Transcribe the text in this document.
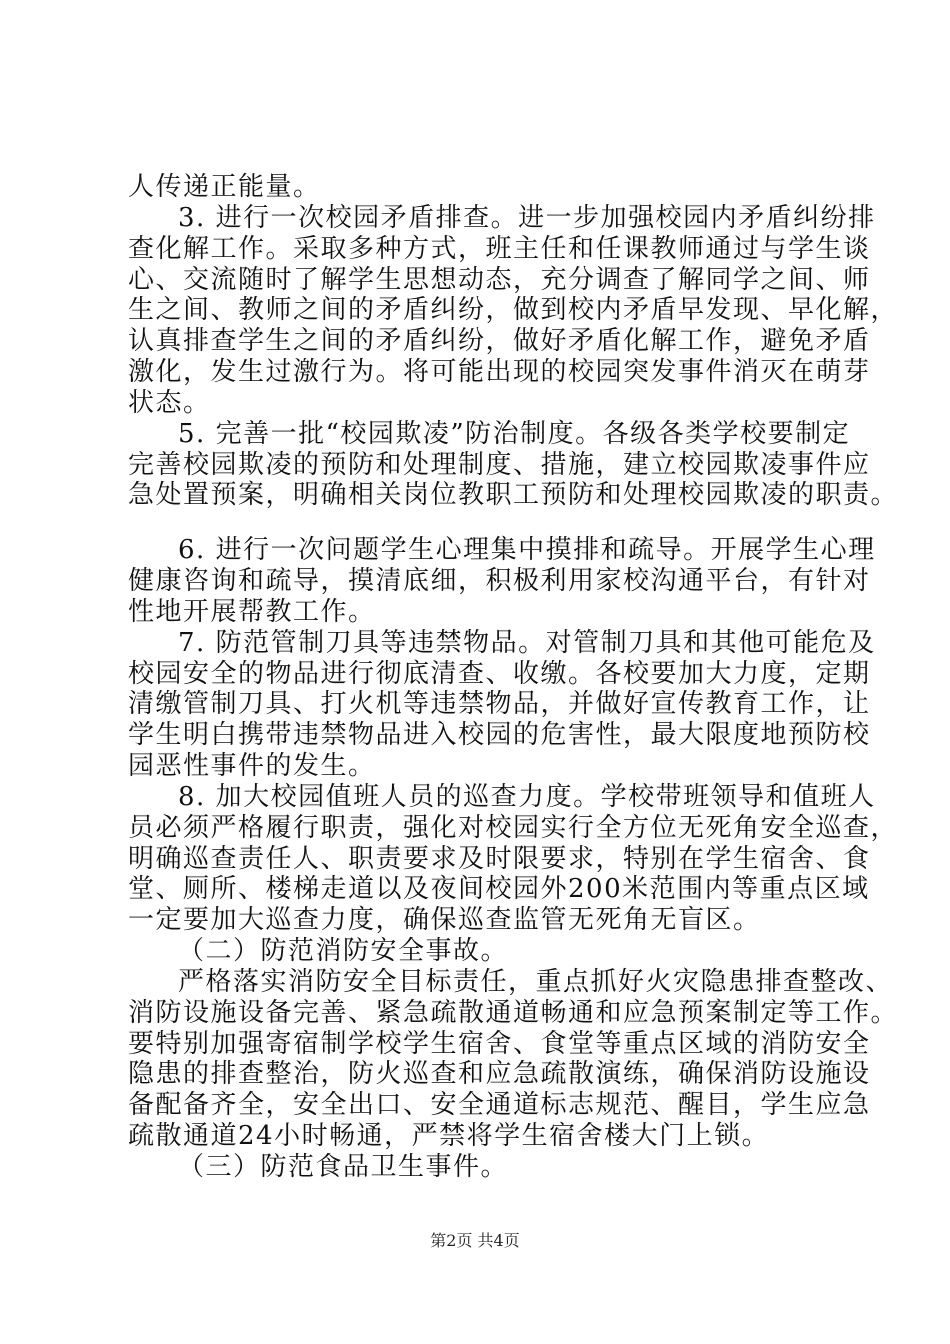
人传递正能量。
3. 进行一次校园矛盾排查。进一步加强校园内矛盾纠纷排
查化解工作。采取多种方式，班主任和任课教师通过与学生谈
心、交流随时了解学生思想动态，充分调查了解同学之间、师
生之间、教师之间的矛盾纠纷，做到校内矛盾早发现、早化解，
认真排查学生之间的矛盾纠纷，做好矛盾化解工作，避免矛盾
激化，发生过激行为。将可能出现的校园突发事件消灭在萌芽
状态。
5. 完善一批“校园欺凌”防治制度。各级各类学校要制定
完善校园欺凌的预防和处理制度、措施，建立校园欺凌事件应
急处置预案，明确相关岗位教职工预防和处理校园欺凌的职责。
6. 进行一次问题学生心理集中摸排和疏导。开展学生心理
健康咨询和疏导，摸清底细，积极利用家校沟通平台，有针对
性地开展帮教工作。
7. 防范管制刀具等违禁物品。对管制刀具和其他可能危及
校园安全的物品进行彻底清查、收缴。各校要加大力度，定期
清缴管制刀具、打火机等违禁物品，并做好宣传教育工作，让
学生明白携带违禁物品进入校园的危害性，最大限度地预防校
园恶性事件的发生。
8. 加大校园值班人员的巡查力度。学校带班领导和值班人
员必须严格履行职责，强化对校园实行全方位无死角安全巡查，
明确巡查责任人、职责要求及时限要求，特别在学生宿舍、食
堂、厕所、楼梯走道以及夜间校园外200米范围内等重点区域
一定要加大巡查力度，确保巡查监管无死角无盲区。
（二）防范消防安全事故。
严格落实消防安全目标责任，重点抓好火灾隐患排查整改、
消防设施设备完善、紧急疏散通道畅通和应急预案制定等工作。
要特别加强寄宿制学校学生宿舍、食堂等重点区域的消防安全
隐患的排查整治，防火巡查和应急疏散演练，确保消防设施设
备配备齐全，安全出口、安全通道标志规范、醒目，学生应急
疏散通道24小时畅通，严禁将学生宿舍楼大门上锁。
（三）防范食品卫生事件。
第2页 共4页
